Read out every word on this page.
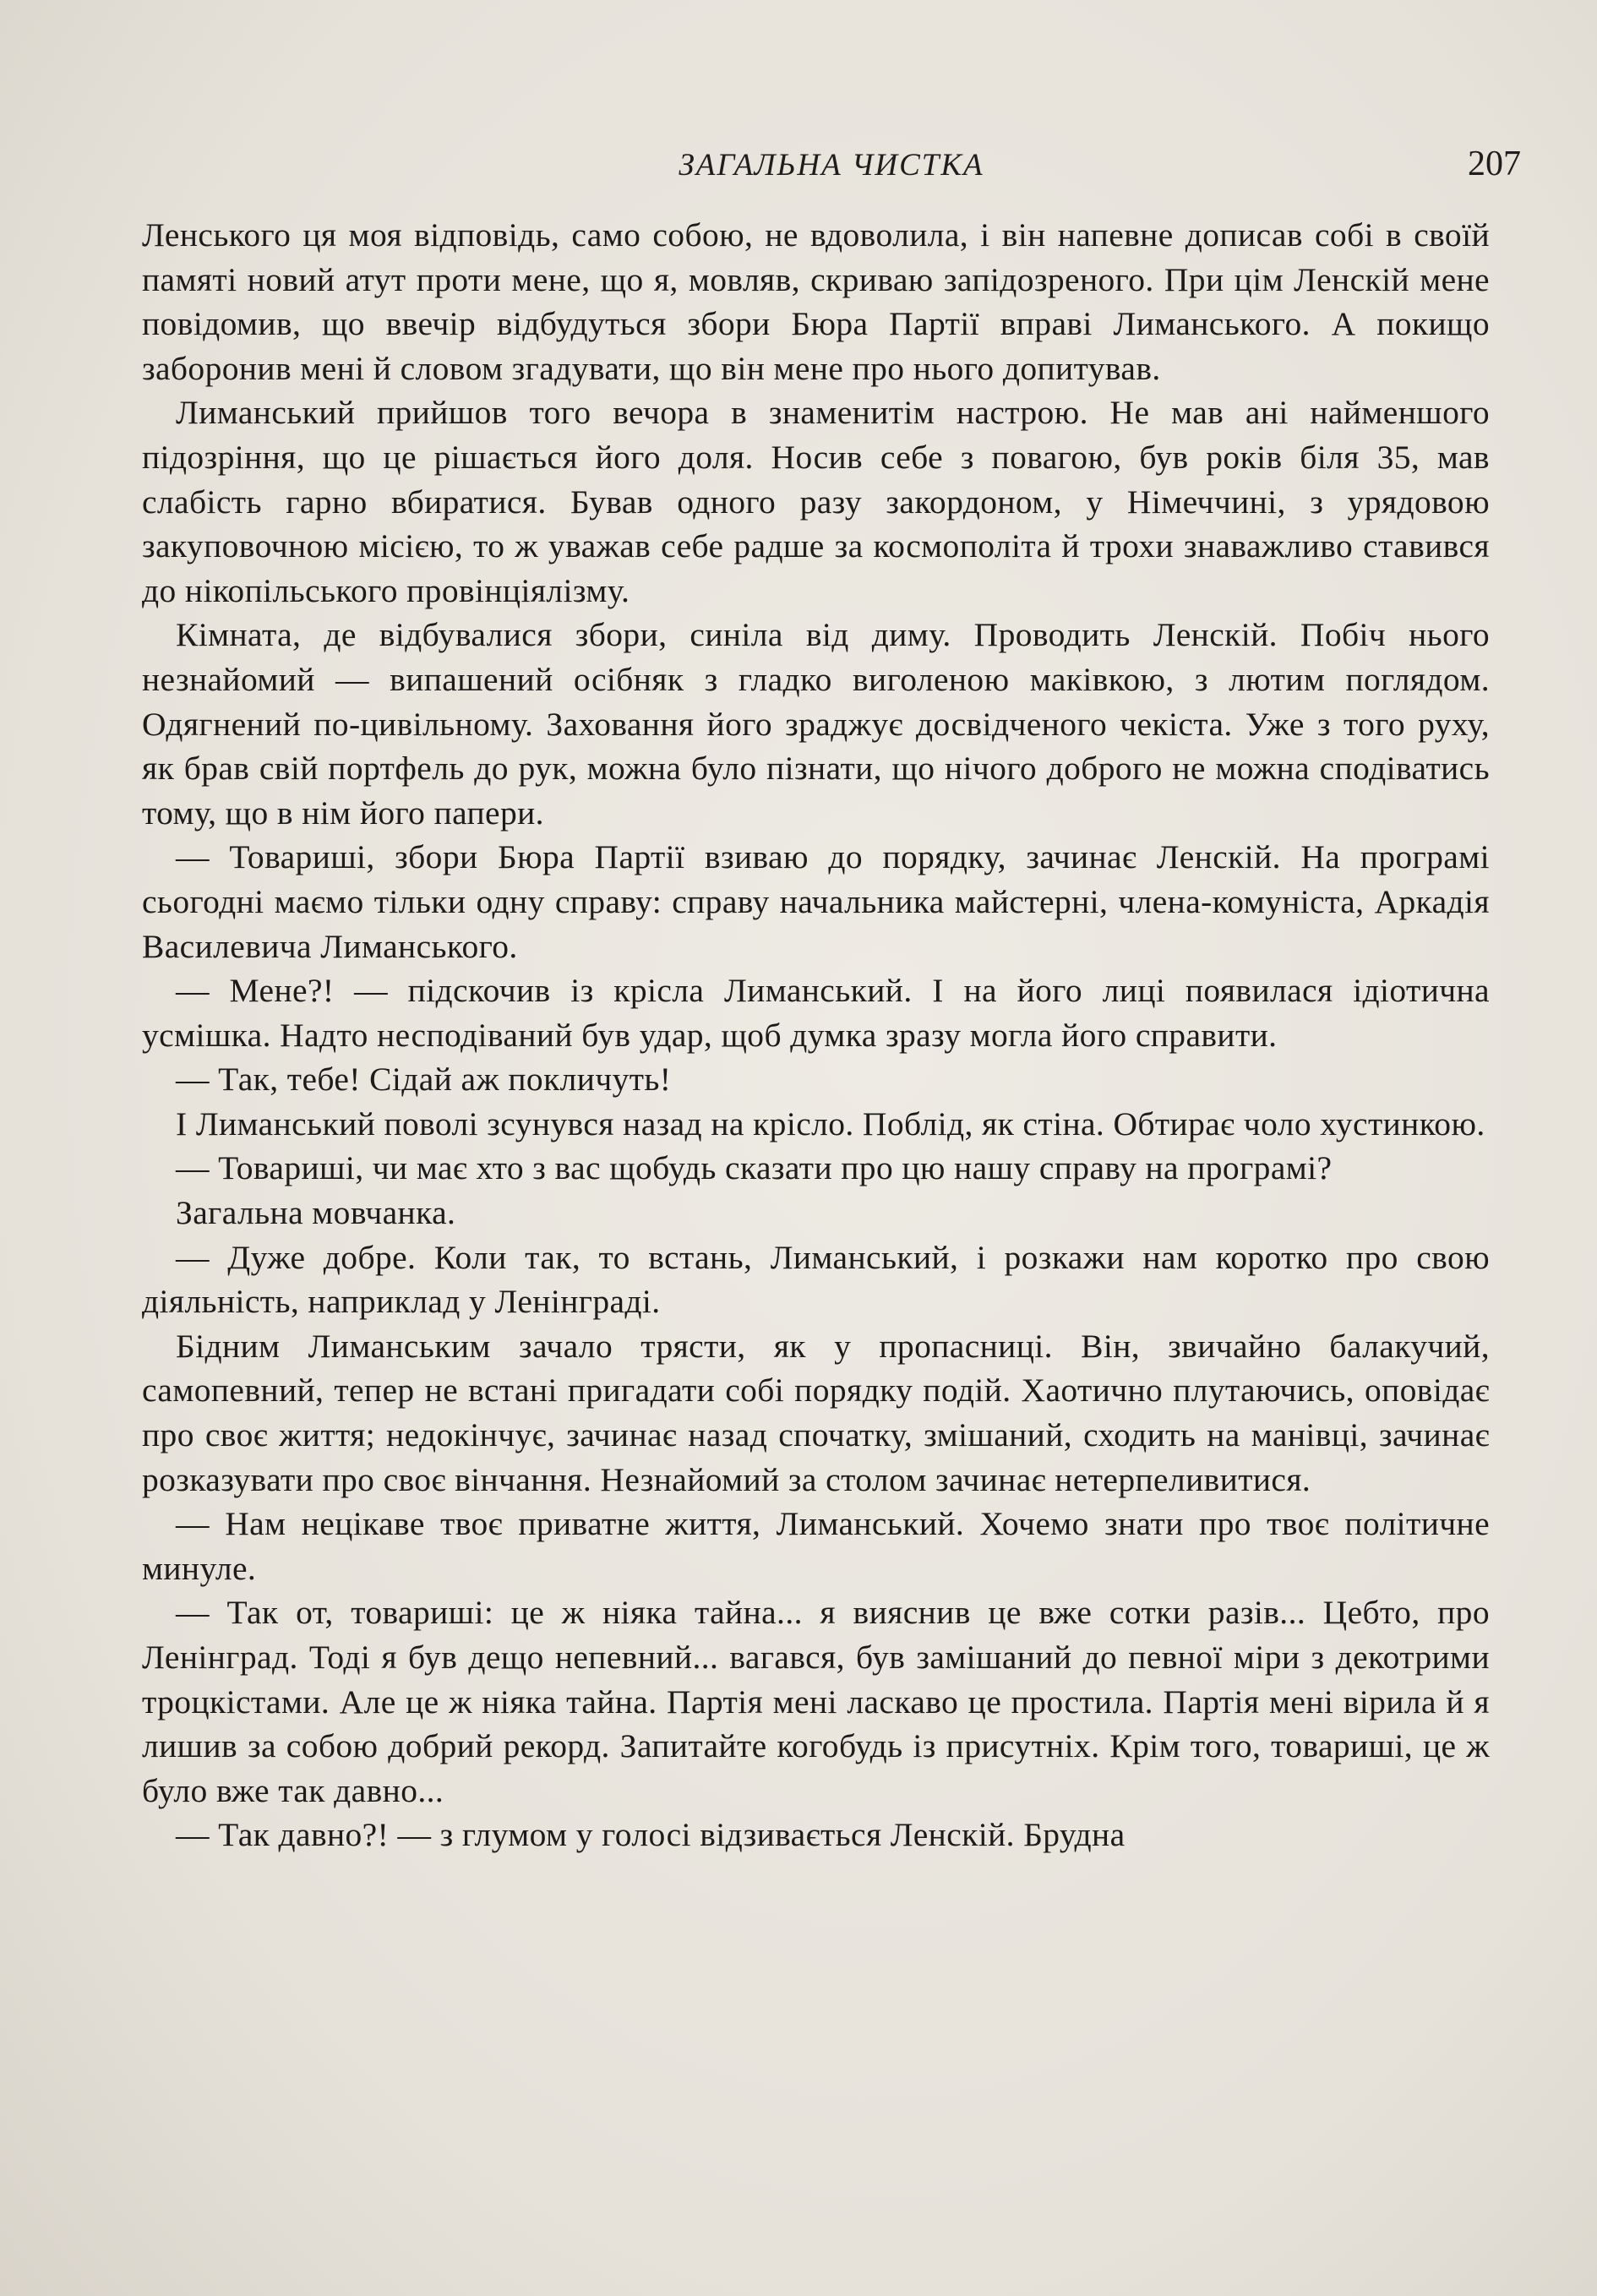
ЗАГАЛЬНА ЧИСТКА	207

Ленського ця моя відповідь, само собою, не вдоволила, і він напевне дописав собі в своїй памяті новий атут проти мене, що я, мовляв, скриваю запідозреного. При цім Ленскій мене повідомив, що ввечір відбудуться збори Бюра Партії вправі Лиманського. А покищо заборонив мені й словом згадувати, що він мене про нього допитував.

Лиманський прийшов того вечора в знаменитім настрою. Не мав ані найменшого підозріння, що це рішається його доля. Носив себе з повагою, був років біля 35, мав слабість гарно вбиратися. Бував одного разу закордоном, у Німеччині, з урядовою закуповочною місією, то ж уважав себе радше за космополіта й трохи знаважливо ставився до нікопільського провінціялізму.

Кімната, де відбувалися збори, синіла від диму. Проводить Ленскій. Побіч нього незнайомий — випашений осібняк з гладко виголеною маківкою, з лютим поглядом. Одягнений по-цивільному. Заховання його зраджує досвідченого чекіста. Уже з того руху, як брав свій портфель до рук, можна було пізнати, що нічого доброго не можна сподіватись тому, що в нім його папери.

— Товариші, збори Бюра Партії взиваю до порядку, зачинає Ленскій. На програмі сьогодні маємо тільки одну справу: справу начальника майстерні, члена-комуніста, Аркадія Василевича Лиманського.

— Мене?! — підскочив із крісла Лиманський. І на його лиці появилася ідіотична усмішка. Надто несподіваний був удар, щоб думка зразу могла його справити.

— Так, тебе! Сідай аж покличуть!

І Лиманський поволі зсунувся назад на крісло. Поблід, як стіна. Обтирає чоло хустинкою.

— Товариші, чи має хто з вас щобудь сказати про цю нашу справу на програмі?

Загальна мовчанка.

— Дуже добре. Коли так, то встань, Лиманський, і розкажи нам коротко про свою діяльність, наприклад у Ленінграді.

Бідним Лиманським зачало трясти, як у пропасниці. Він, звичайно балакучий, самопевний, тепер не встані пригадати собі порядку подій. Хаотично плутаючись, оповідає про своє життя; недокінчує, зачинає назад спочатку, змішаний, сходить на манівці, зачинає розказувати про своє вінчання. Незнайомий за столом зачинає нетерпеливитися.

— Нам нецікаве твоє приватне життя, Лиманський. Хочемо знати про твоє політичне минуле.

— Так от, товариші: це ж ніяка тайна... я вияснив це вже сотки разів... Цебто, про Ленінград. Тоді я був дещо непевний... вагався, був замішаний до певної міри з декотрими троцкістами. Але це ж ніяка тайна. Партія мені ласкаво це простила. Партія мені вірила й я лишив за собою добрий рекорд. Запитайте когобудь із присутніх. Крім того, товариші, це ж було вже так давно...

— Так давно?! — з глумом у голосі відзивається Ленскій. Брудна
